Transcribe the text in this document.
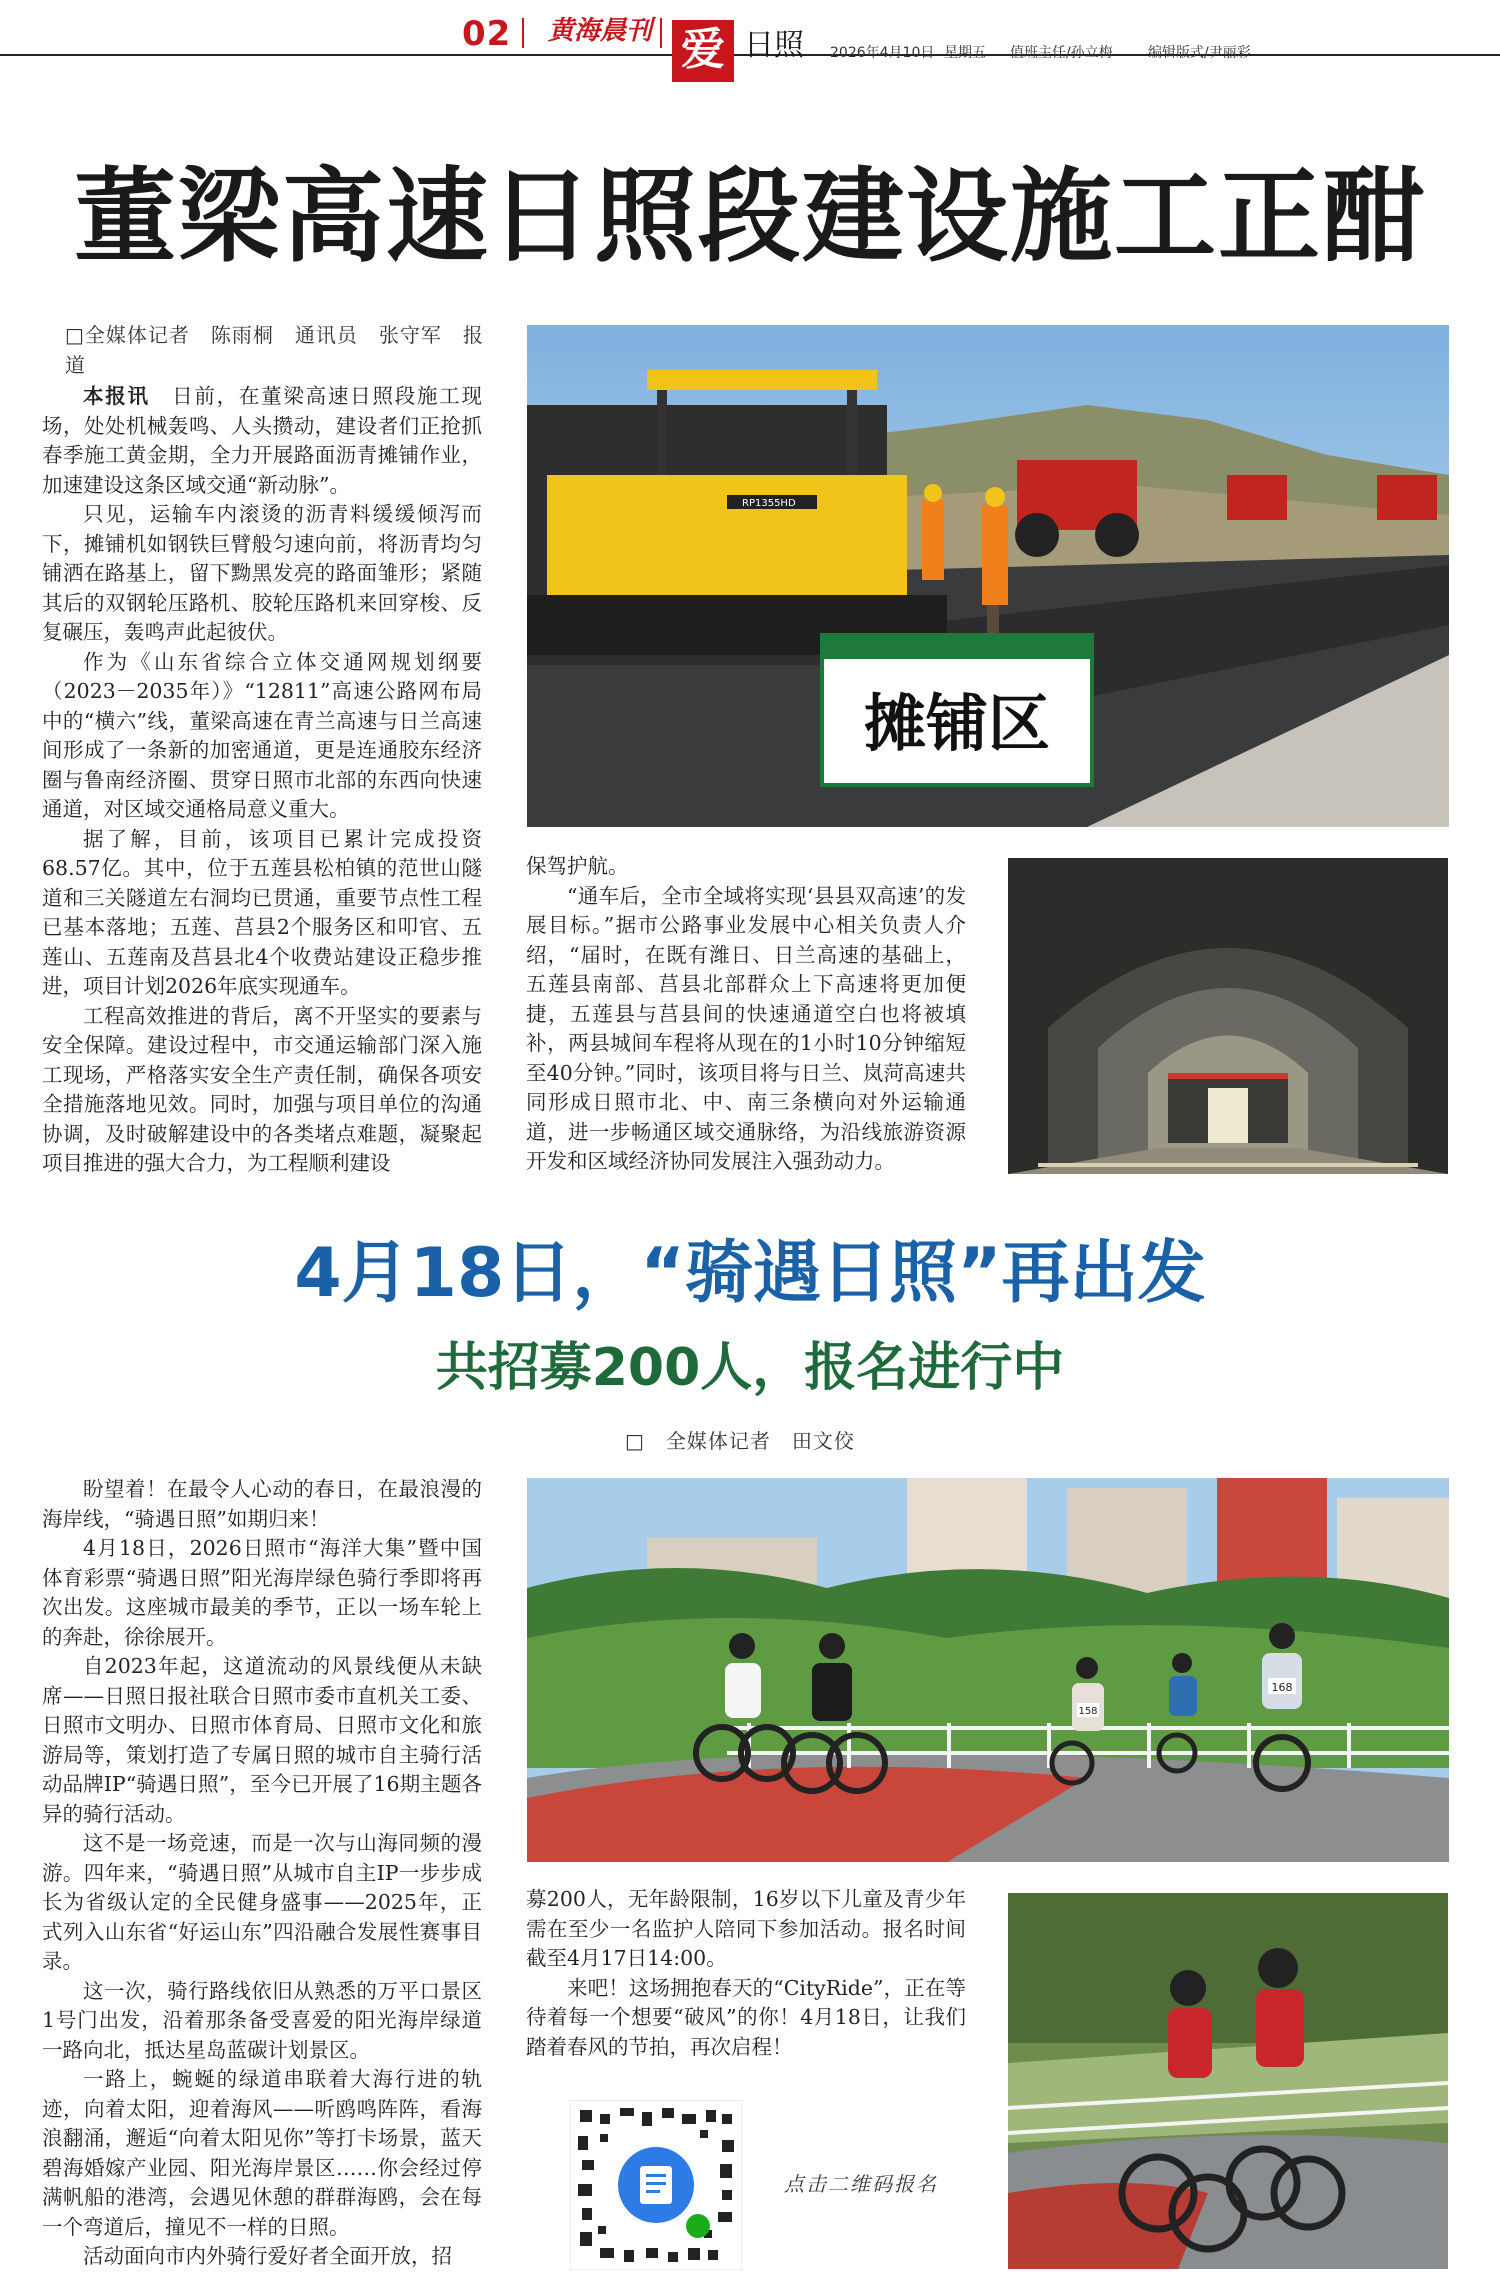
02 黄海晨刊 爱 日照 2026年4月10日 星期五 值班主任/孙立梅	编辑版式/尹丽彩
董梁高速日照段建设施工正酣
□全媒体记者　陈雨桐　通讯员　张守军　报道

本报讯　 日前，在董梁高速日照段施工现场，处处机械轰鸣、人头攒动，建设者们正抢抓春季施工黄金期，全力开展路面沥青摊铺作业，加速建设这条区域交通“新动脉”。

只见，运输车内滚烫的沥青料缓缓倾泻而下，摊铺机如钢铁巨臂般匀速向前，将沥青均匀铺洒在路基上，留下黝黑发亮的路面雏形；紧随其后的双钢轮压路机、胶轮压路机来回穿梭、反复碾压，轰鸣声此起彼伏。

作为《山东省综合立体交通网规划纲要（2023－2035年）》“12811”高速公路网布局中的“横六”线，董梁高速在青兰高速与日兰高速间形成了一条新的加密通道，更是连通胶东经济圈与鲁南经济圈、贯穿日照市北部的东西向快速通道，对区域交通格局意义重大。

据了解，目前，该项目已累计完成投资68.57亿。其中，位于五莲县松柏镇的范世山隧道和三关隧道左右洞均已贯通，重要节点性工程已基本落地；五莲、莒县2个服务区和叩官、五莲山、五莲南及莒县北4个收费站建设正稳步推进，项目计划2026年底实现通车。

工程高效推进的背后，离不开坚实的要素与安全保障。建设过程中，市交通运输部门深入施工现场，严格落实安全生产责任制，确保各项安全措施落地见效。同时，加强与项目单位的沟通协调，及时破解建设中的各类堵点难题，凝聚起项目推进的强大合力，为工程顺利建设

RP1355HD
摊铺区

保驾护航。

“通车后，全市全域将实现‘县县双高速’的发展目标。”据市公路事业发展中心相关负责人介绍，“届时，在既有潍日、日兰高速的基础上，五莲县南部、莒县北部群众上下高速将更加便捷，五莲县与莒县间的快速通道空白也将被填补，两县城间车程将从现在的1小时10分钟缩短至40分钟。”同时，该项目将与日兰、岚菏高速共同形成日照市北、中、南三条横向对外运输通道，进一步畅通区域交通脉络，为沿线旅游资源开发和区域经济协同发展注入强劲动力。

4月18日，“骑遇日照”再出发
共招募200人，报名进行中
□　全媒体记者　田文佼

盼望着！在最令人心动的春日，在最浪漫的海岸线，“骑遇日照”如期归来！

4月18日，2026日照市“海洋大集”暨中国体育彩票“骑遇日照”阳光海岸绿色骑行季即将再次出发。这座城市最美的季节，正以一场车轮上的奔赴，徐徐展开。

自2023年起，这道流动的风景线便从未缺席——日照日报社联合日照市委市直机关工委、日照市文明办、日照市体育局、日照市文化和旅游局等，策划打造了专属日照的城市自主骑行活动品牌IP“骑遇日照”，至今已开展了16期主题各异的骑行活动。

这不是一场竞速，而是一次与山海同频的漫游。四年来，“骑遇日照”从城市自主IP一步步成长为省级认定的全民健身盛事——2025年，正式列入山东省“好运山东”四沿融合发展性赛事目录。

这一次，骑行路线依旧从熟悉的万平口景区1号门出发，沿着那条备受喜爱的阳光海岸绿道一路向北，抵达星岛蓝碳计划景区。

一路上，蜿蜒的绿道串联着大海行进的轨迹，向着太阳，迎着海风——听鸥鸣阵阵，看海浪翻涌，邂逅“向着太阳见你”等打卡场景，蓝天碧海婚嫁产业园、阳光海岸景区……你会经过停满帆船的港湾，会遇见休憩的群群海鸥，会在每一个弯道后，撞见不一样的日照。

活动面向市内外骑行爱好者全面开放，招

158
168

募200人，无年龄限制，16岁以下儿童及青少年需在至少一名监护人陪同下参加活动。报名时间截至4月17日14:00。

来吧！这场拥抱春天的“CityRide”，正在等待着每一个想要“破风”的你！4月18日，让我们踏着春风的节拍，再次启程！

点击二维码报名
